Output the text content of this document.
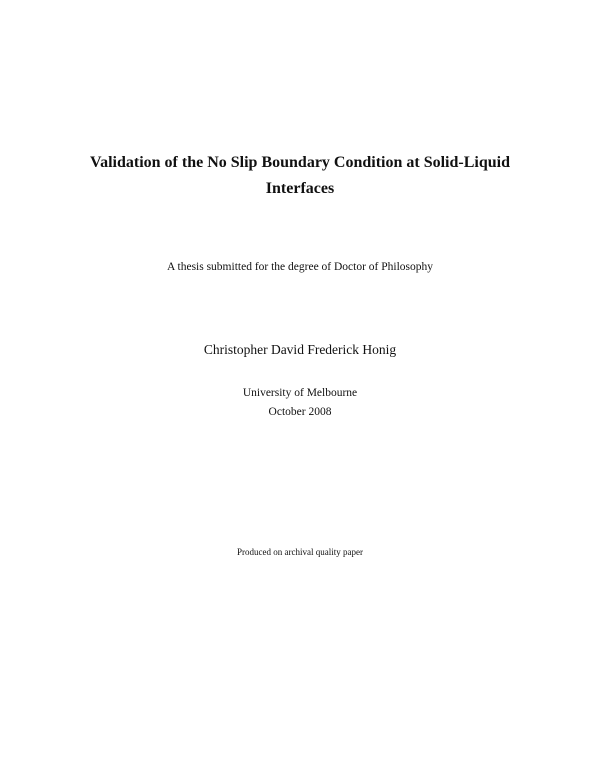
Validation of the No Slip Boundary Condition at Solid-Liquid
Interfaces

A thesis submitted for the degree of Doctor of Philosophy

Christopher David Frederick Honig

University of Melbourne

October 2008

Produced on archival quality paper
